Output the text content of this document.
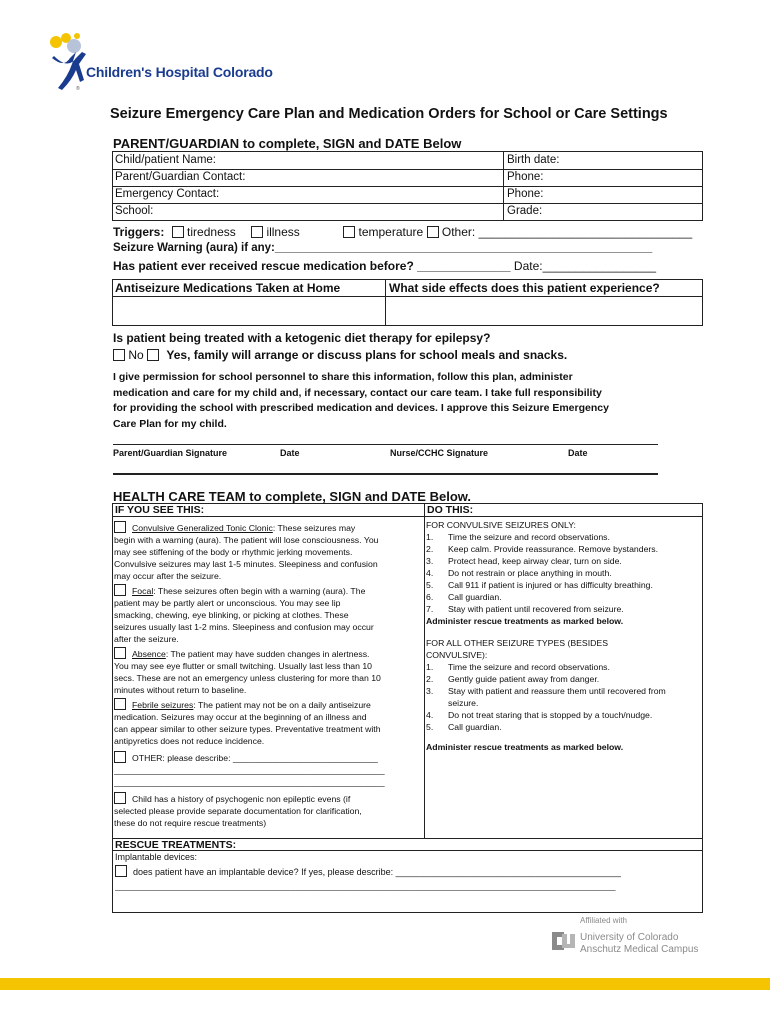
Children's Hospital Colorado
®
Seizure Emergency Care Plan and Medication Orders for School or Care Settings
PARENT/GUARDIAN to complete, SIGN and DATE Below
Child/patient Name:	Birth date:
Parent/Guardian Contact:	Phone:
Emergency Contact:	Phone:
School:	Grade:
Triggers: tiredness	illness	temperature Other: ________________________________
Seizure Warning (aura) if any:___________________________________________________________
Has patient ever received rescue medication before? ______________ Date:_________________
Antiseizure Medications Taken at Home	What side effects does this patient experience?
Is patient being treated with a ketogenic diet therapy for epilepsy?
No Yes, family will arrange or discuss plans for school meals and snacks.
I give permission for school personnel to share this information, follow this plan, administer
medication and care for my child and, if necessary, contact our care team. I take full responsibility
for providing the school with prescribed medication and devices. I approve this Seizure Emergency
Care Plan for my child.
Parent/Guardian Signature	Date	Nurse/CCHC Signature	Date
HEALTH CARE TEAM to complete, SIGN and DATE Below.
IF YOU SEE THIS:	DO THIS:
Convulsive Generalized Tonic Clonic: These seizures may
begin with a warning (aura). The patient will lose consciousness. You
may see stiffening of the body or rhythmic jerking movements.
Convulsive seizures may last 1-5 minutes. Sleepiness and confusion
may occur after the seizure.
Focal: These seizures often begin with a warning (aura). The
patient may be partly alert or unconscious. You may see lip
smacking, chewing, eye blinking, or picking at clothes. These
seizures usually last 1-2 mins. Sleepiness and confusion may occur
after the seizure.
Absence: The patient may have sudden changes in alertness.
You may see eye flutter or small twitching. Usually last less than 10
secs. These are not an emergency unless clustering for more than 10
minutes without return to baseline.
Febrile seizures: The patient may not be on a daily antiseizure
medication. Seizures may occur at the beginning of an illness and
can appear similar to other seizure types. Preventative treatment with
antipyretics does not reduce incidence.
OTHER: please describe: ______________________________
________________________________________________________
________________________________________________________
Child has a history of psychogenic non epileptic evens (if
selected please provide separate documentation for clarification,
these do not require rescue treatments)
FOR CONVULSIVE SEIZURES ONLY:
1.	Time the seizure and record observations.
2.	Keep calm. Provide reassurance. Remove bystanders.
3.	Protect head, keep airway clear, turn on side.
4.	Do not restrain or place anything in mouth.
5.	Call 911 if patient is injured or has difficulty breathing.
6.	Call guardian.
7.	Stay with patient until recovered from seizure.
Administer rescue treatments as marked below.
FOR ALL OTHER SEIZURE TYPES (BESIDES
CONVULSIVE):
1.	Time the seizure and record observations.
2.	Gently guide patient away from danger.
3.	Stay with patient and reassure them until recovered from
seizure.
4.	Do not treat staring that is stopped by a touch/nudge.
5.	Call guardian.
Administer rescue treatments as marked below.
RESCUE TREATMENTS:
Implantable devices:
does patient have an implantable device? If yes, please describe: _____________________________________________
____________________________________________________________________________________________________
Affiliated with
University of Colorado
Anschutz Medical Campus
